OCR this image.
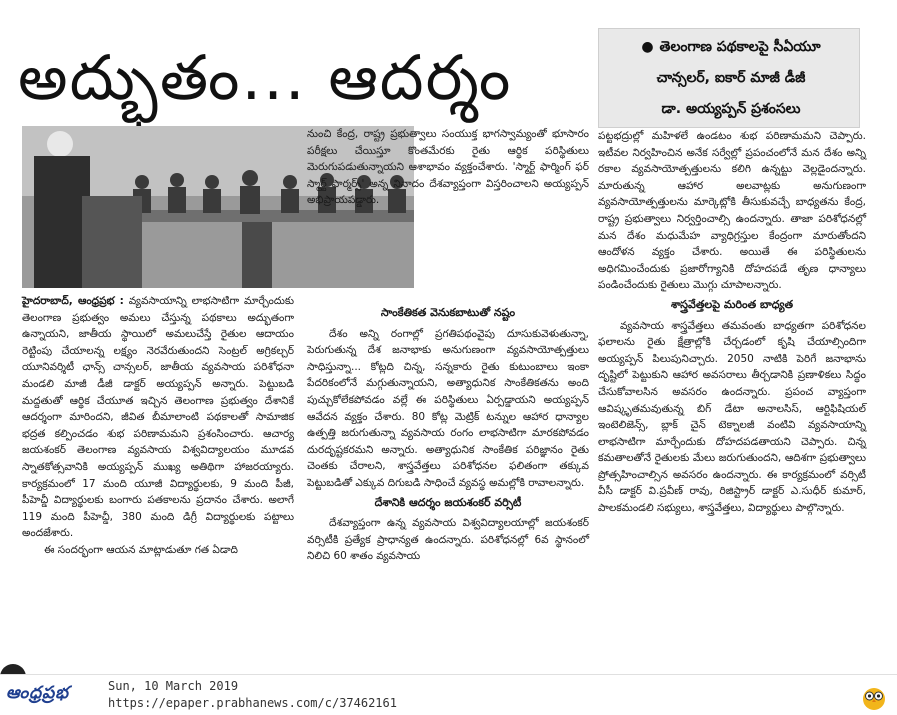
అద్భుతం... ఆదర్శం	● తెలంగాణ పథకాలపై సీఏయూ
చాన్సలర్, ఐకార్ మాజీ డీజీ
డా. అయ్యప్పన్ ప్రశంసలు

హైదరాబాద్, ఆంధ్రప్రభ : వ్యవసాయాన్ని లాభసాటిగా మార్చేందుకు తెలంగాణ ప్రభుత్వం అమలు చేస్తున్న పథకాలు అద్భుతంగా ఉన్నాయని, జాతీయ స్థాయిలో అమలుచేస్తే రైతుల ఆదాయం రెట్టింపు చేయాలన్న లక్ష్యం నెరవేరుతుందని సెంట్రల్ అగ్రికల్చర్ యూనివర్శిటీ ఛాన్స్ చాన్సలర్, జాతీయ వ్యవసాయ పరిశోధనా మండలి మాజీ డీజీ డాక్టర్ అయ్యప్పన్ అన్నారు. పెట్టుబడి మద్దతుతో ఆర్థిక చేయూత ఇచ్చిన తెలంగాణ ప్రభుత్వం దేశానికే ఆదర్శంగా మారిందని, జీవిత బీమాలాంటి పథకాలతో సామాజిక భద్రత కల్పించడం శుభ పరిణామమని ప్రశంసించారు. ఆచార్య జయశంకర్ తెలంగాణ వ్యవసాయ విశ్వవిద్యాలయం మూడవ స్నాతకోత్సవానికి అయ్యప్పన్ ముఖ్య అతిథిగా హాజరయ్యారు. కార్యక్రమంలో 17 మంది యూజీ విద్యార్థులకు, 9 మంది పీజీ, పీహెచ్డీ విద్యార్థులకు బంగారు పతకాలను ప్రదానం చేశారు. అలాగే 119 మంది పీహెచ్డీ, 380 మంది డిగ్రీ విద్యార్థులకు పట్టాలు అందజేశారు.

ఈ సందర్భంగా ఆయన మాట్లాడుతూ గత ఏడాది

నుంచి కేంద్ర, రాష్ట్ర ప్రభుత్వాలు సంయుక్త భాగస్వామ్యంతో భూసారం పరీక్షలు చేయిస్తూ కొంతమేరకు రైతు ఆర్థిక పరిస్థితులు మెరుగుపడుతున్నాయని ఆశాభావం వ్యక్తంచేశారు. 'స్మార్ట్ ఫార్మింగ్ ఫర్ స్మార్ట్ ఫార్మర్స్' అన్న నినాదం దేశవ్యాప్తంగా విస్తరించాలని అయ్యప్పన్ అభిప్రాయపడ్డారు.

సాంకేతికత వెనుకబాటుతో నష్టం

దేశం అన్ని రంగాల్లో ప్రగతిపథంవైపు దూసుకువెళుతున్నా, పెరుగుతున్న దేశ జనాభాకు అనుగుణంగా వ్యవసాయోత్పత్తులు సాధిస్తున్నా... కోట్లది చిన్న, సన్నకారు రైతు కుటుంబాలు ఇంకా పేదరికంలోనే మగ్గుతున్నాయని, అత్యాధునిక సాంకేతికతను అంది పుచ్చుకోలేకపోవడం వల్లే ఈ పరిస్థితులు ఏర్పడ్డాయని అయ్యప్పన్ ఆవేదన వ్యక్తం చేశారు. 80 కోట్ల మెట్రిక్ టన్నుల ఆహార ధాన్యాల ఉత్పత్తి జరుగుతున్నా వ్యవసాయ రంగం లాభసాటిగా మారకపోవడం దురదృష్టకరమని అన్నారు. అత్యాధునిక సాంకేతిక పరిజ్ఞానం రైతు చెంతకు చేరాలని, శాస్త్రవేత్తలు పరిశోధనల ఫలితంగా తక్కువ పెట్టుబడితో ఎక్కువ దిగుబడి సాధించే వ్యవస్థ అమల్లోకి రావాలన్నారు.

దేశానికి ఆదర్శం జయశంకర్ వర్సిటీ

దేశవ్యాప్తంగా ఉన్న వ్యవసాయ విశ్వవిద్యాలయాల్లో జయశంకర్ వర్సిటీకి ప్రత్యేక ప్రాధాన్యత ఉందన్నారు. పరిశోధనల్లో 6వ స్థానంలో నిలిచి 60 శాతం వ్యవసాయ

పట్టభద్రుల్లో మహిళలే ఉండటం శుభ పరిణామమని చెప్పారు. ఇటీవల నిర్వహించిన అనేక సర్వేల్లో ప్రపంచంలోనే మన దేశం అన్ని రకాల వ్యవసాయోత్పత్తులను కలిగి ఉన్నట్టు వెల్లడైందన్నారు. మారుతున్న ఆహార అలవాట్లకు అనుగుణంగా వ్యవసాయోత్పత్తులను మార్కెట్లోకి తీసుకువచ్చే బాధ్యతను కేంద్ర, రాష్ట్ర ప్రభుత్వాలు నిర్వర్తించాల్సి ఉందన్నారు. తాజా పరిశోధనల్లో మన దేశం మధుమేహ వ్యాధిగ్రస్తుల కేంద్రంగా మారుతోందని ఆందోళన వ్యక్తం చేశారు. అయితే ఈ పరిస్థితులను అధిగమించేందుకు ప్రజారోగ్యానికి దోహదపడే తృణ ధాన్యాలు పండించేందుకు రైతులు మొగ్గు చూపాలన్నారు.

శాస్త్రవేత్తలపై మరింత బాధ్యత

వ్యవసాయ శాస్త్రవేత్తలు తమవంతు బాధ్యతగా పరిశోధనల ఫలాలను రైతు క్షేత్రాల్లోకి చేర్చడంలో కృషి చేయాల్సిందిగా అయ్యప్పన్ పిలుపునిచ్చారు. 2050 నాటికి పెరిగే జనాభాను దృష్టిలో పెట్టుకుని ఆహార అవసరాలు తీర్చడానికి ప్రణాళికలు సిద్ధం చేసుకోవాలసిన అవసరం ఉందన్నారు. ప్రపంచ వ్యాప్తంగా ఆవిష్కృతమవుతున్న బిగ్ డేటా అనాలసిస్, ఆర్టిఫిషియల్ ఇంటెలిజెన్స్, బ్లాక్ చైన్ టెక్నాలజీ వంటివి వ్యవసాయాన్ని లాభసాటిగా మార్చేందుకు దోహదపడతాయని చెప్పారు. చిన్న కమతాలతోనే రైతులకు మేలు జరుగుతుందని, ఆదిశగా ప్రభుత్వాలు ప్రోత్సహించాల్సిన అవసరం ఉందన్నారు. ఈ కార్యక్రమంలో వర్సిటీ వీసీ డాక్టర్ వి.ప్రవీణ్ రావు, రిజిస్ట్రార్ డాక్టర్ ఎ.సుధీర్ కుమార్, పాలకమండలి సభ్యులు, శాస్త్రవేత్తలు, విద్యార్థులు పాల్గొన్నారు.

ఆంధ్రప్రభ	Sun, 10 March 2019
https://epaper.prabhanews.com/c/37462161
